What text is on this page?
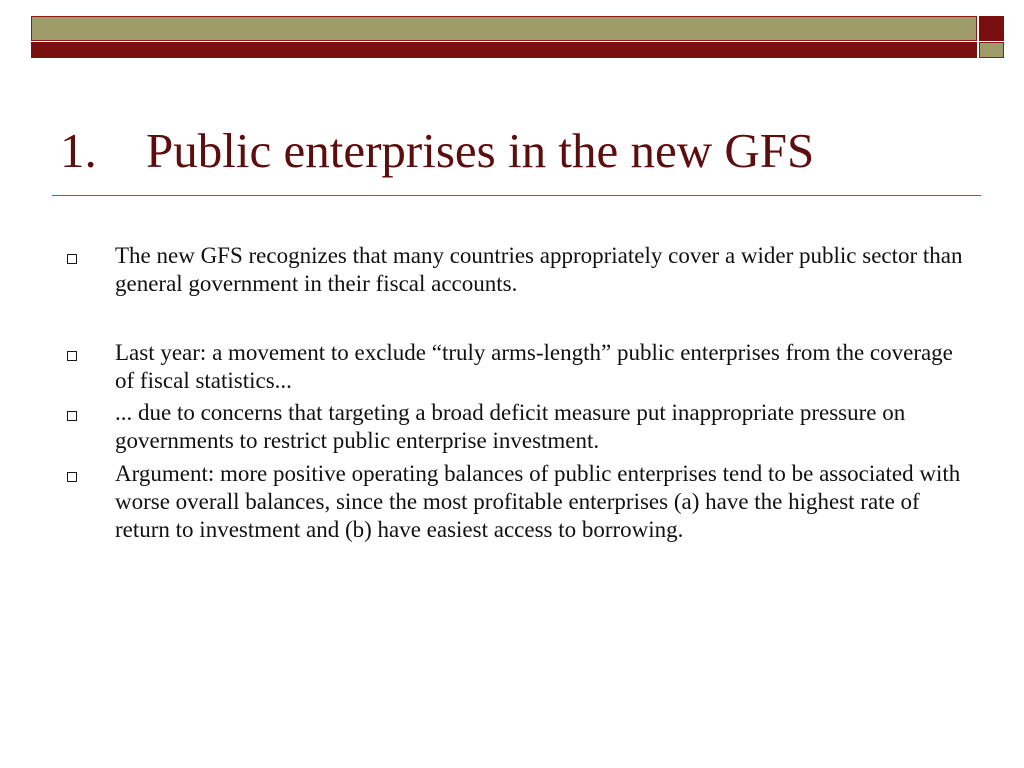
1. Public enterprises in the new GFS
The new GFS recognizes that many countries appropriately cover a wider public sector than general government in their fiscal accounts.
Last year: a movement to exclude “truly arms-length” public enterprises from the coverage of fiscal statistics...
... due to concerns that targeting a broad deficit measure put inappropriate pressure on governments to restrict public enterprise investment.
Argument: more positive operating balances of public enterprises tend to be associated with worse overall balances, since the most profitable enterprises (a) have the highest rate of return to investment and (b) have easiest access to borrowing.
